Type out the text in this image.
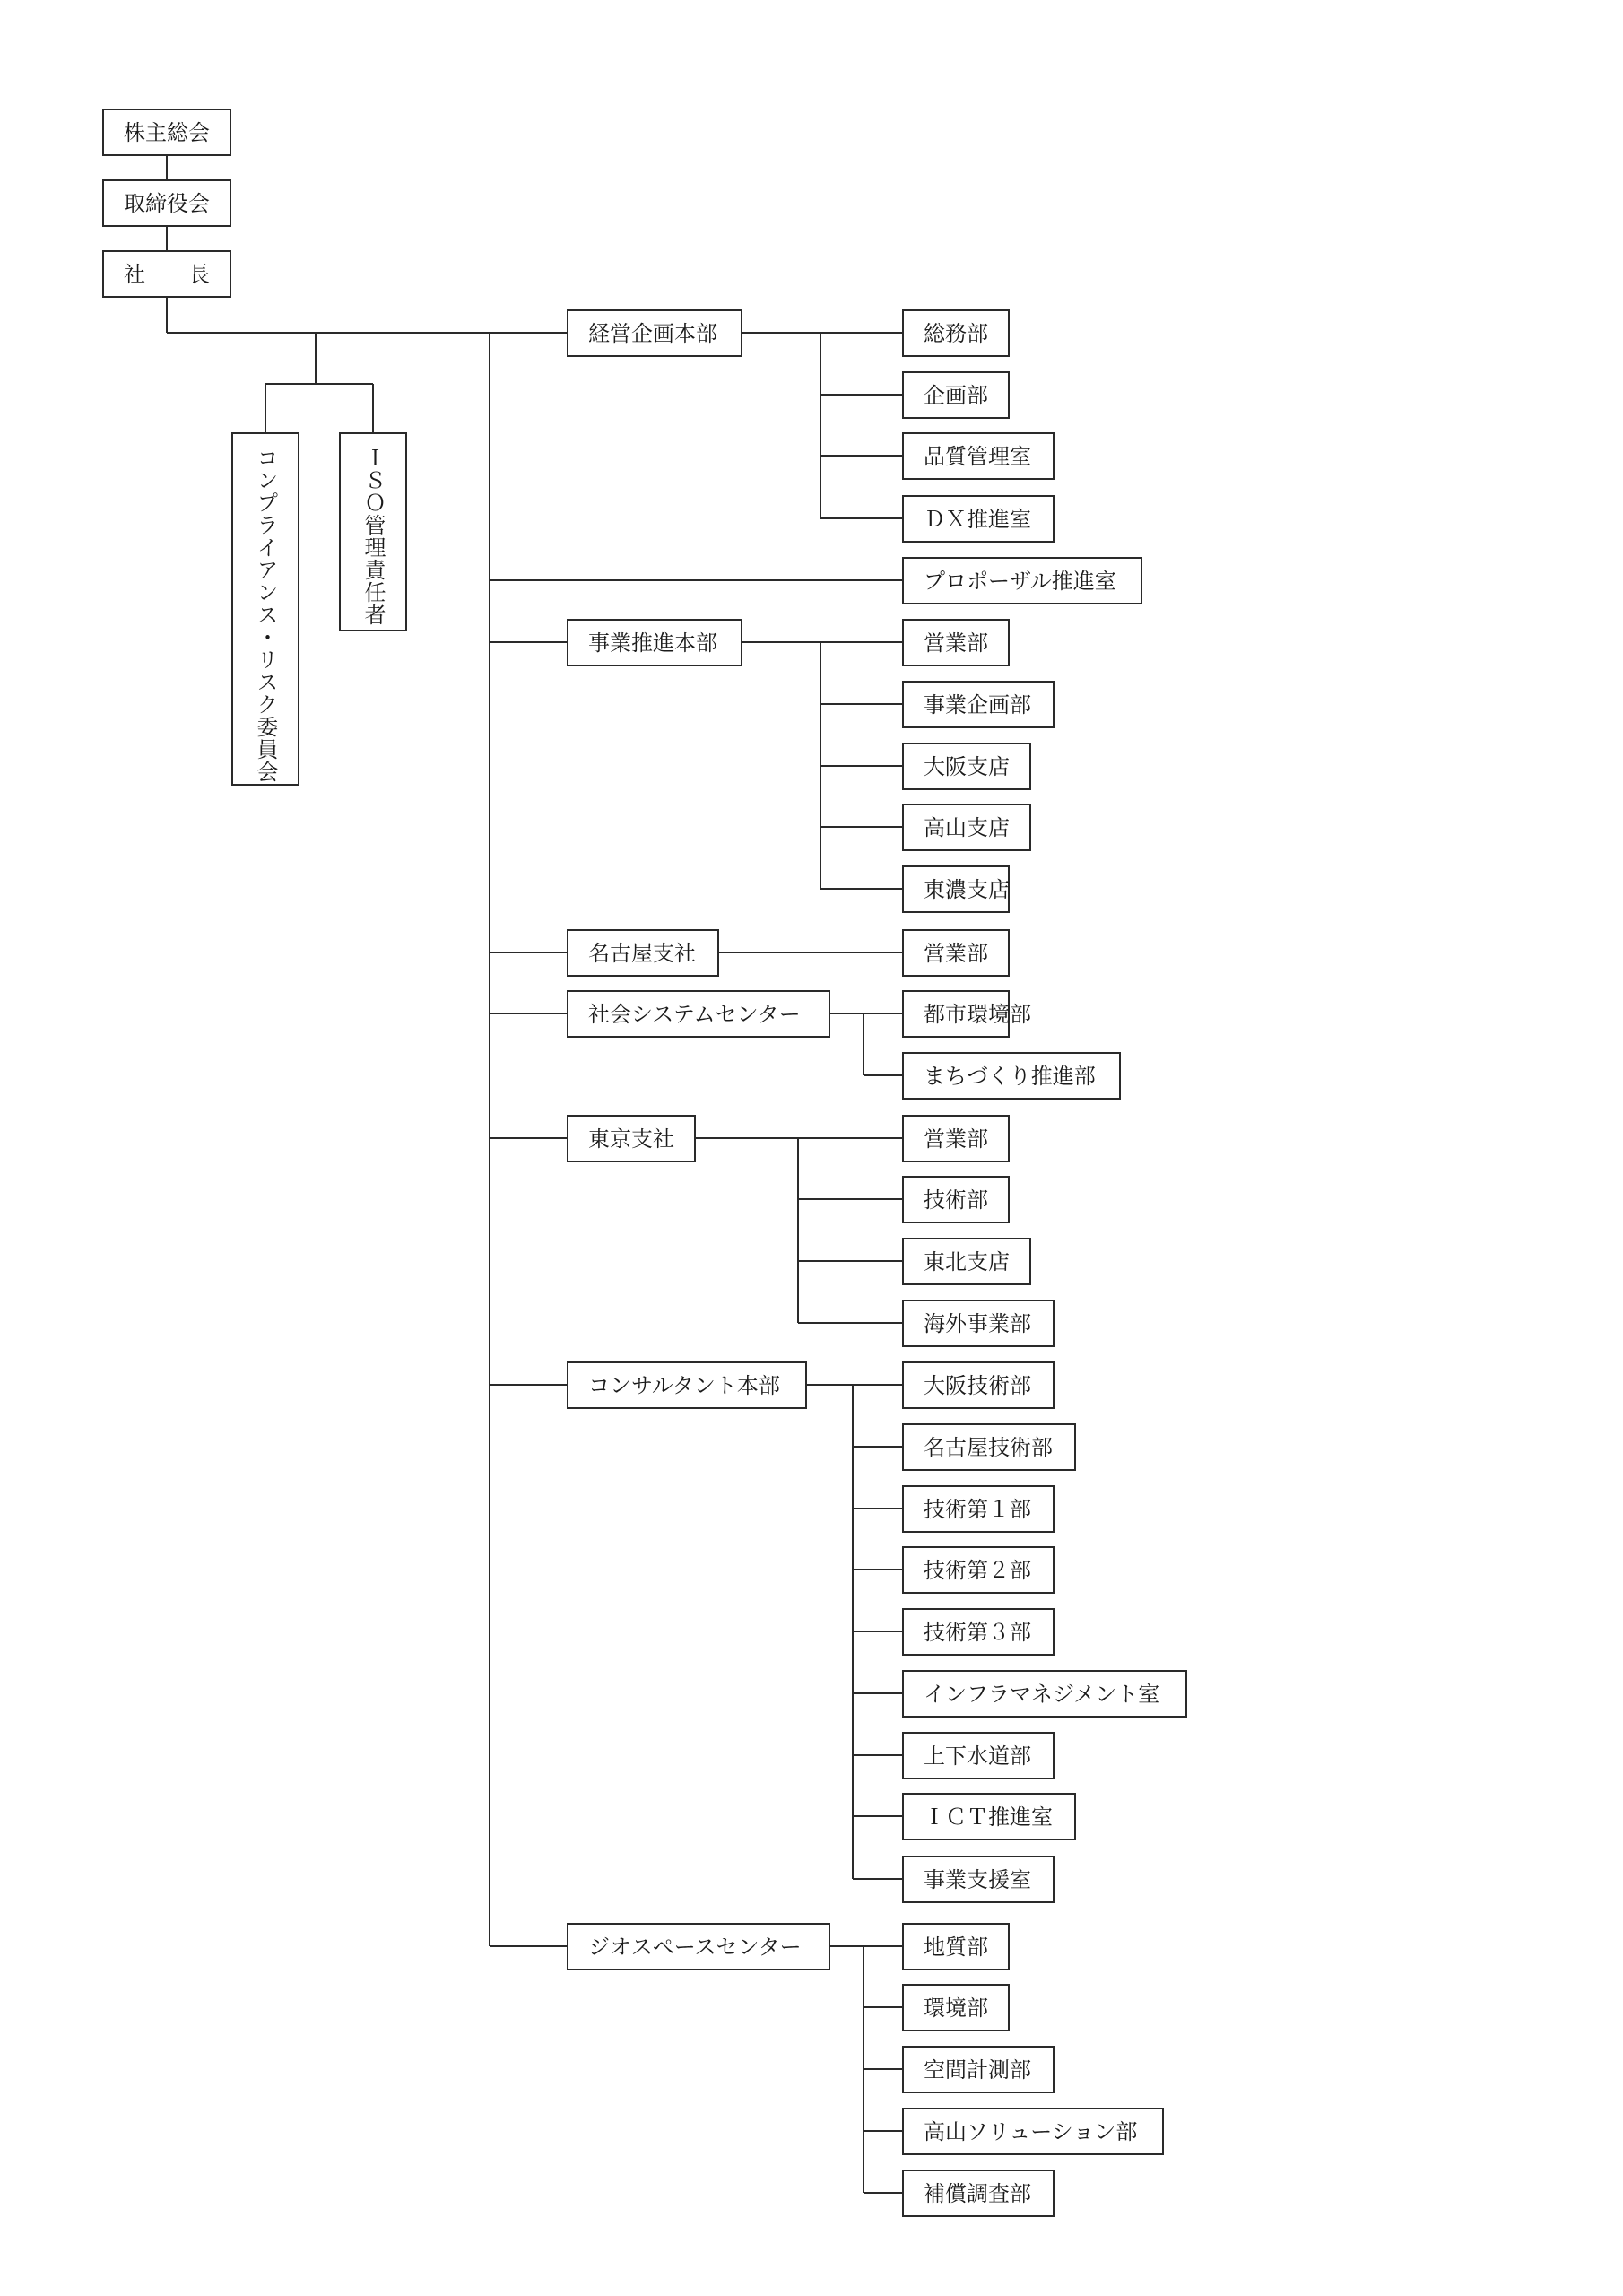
株主総会
取締役会
社　　長
コンプライアンス・リスク委員会	ＩＳＯ管理責任者
経営企画本部	総務部
企画部
品質管理室
ＤＸ推進室
プロポーザル推進室
事業推進本部	営業部
事業企画部
大阪支店
高山支店
東濃支店
名古屋支社	営業部
社会システムセンター	都市環境部
まちづくり推進部
東京支社	営業部
技術部
東北支店
海外事業部
コンサルタント本部	大阪技術部
名古屋技術部
技術第１部
技術第２部
技術第３部
インフラマネジメント室
上下水道部
ＩＣＴ推進室
事業支援室
ジオスペースセンター	地質部
環境部
空間計測部
高山ソリューション部
補償調査部
